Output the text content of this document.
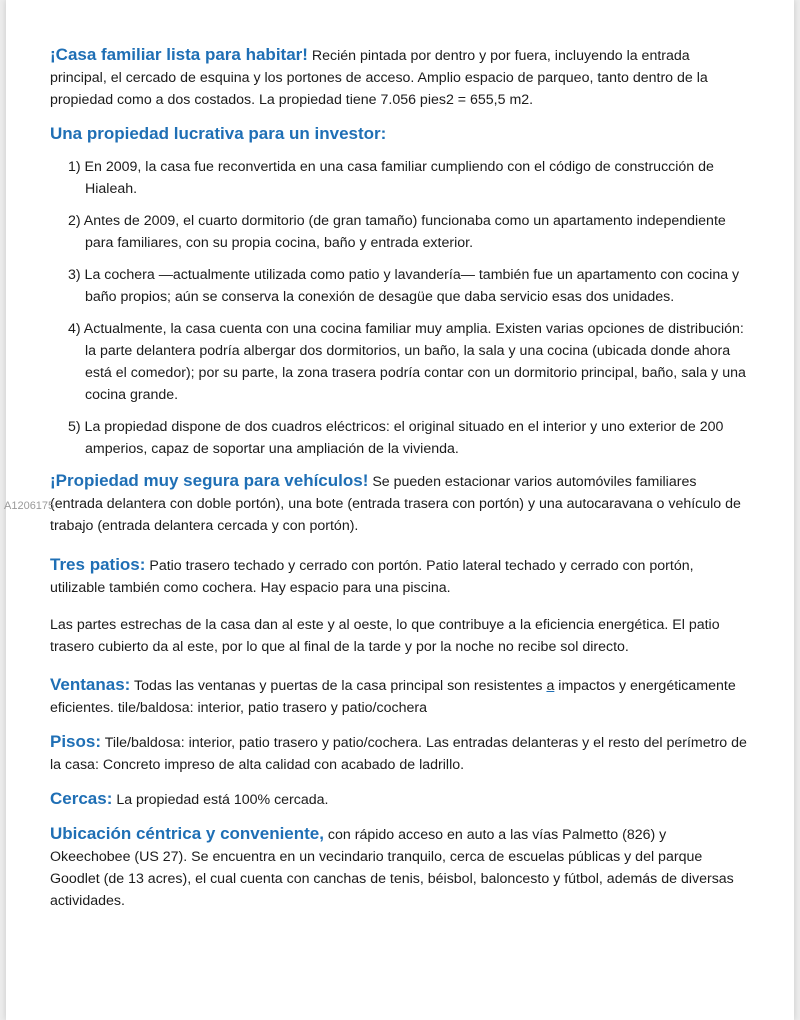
¡Casa familiar lista para habitar! Recién pintada por dentro y por fuera, incluyendo la entrada principal, el cercado de esquina y los portones de acceso. Amplio espacio de parqueo, tanto dentro de la propiedad como a dos costados. La propiedad tiene 7.056 pies2 = 655,5 m2.

Una propiedad lucrativa para un investor:

1) En 2009, la casa fue reconvertida en una casa familiar cumpliendo con el código de construcción de Hialeah.
2) Antes de 2009, el cuarto dormitorio (de gran tamaño) funcionaba como un apartamento independiente para familiares, con su propia cocina, baño y entrada exterior.
3) La cochera —actualmente utilizada como patio y lavandería— también fue un apartamento con cocina y baño propios; aún se conserva la conexión de desagüe que daba servicio esas dos unidades.
4) Actualmente, la casa cuenta con una cocina familiar muy amplia. Existen varias opciones de distribución: la parte delantera podría albergar dos dormitorios, un baño, la sala y una cocina (ubicada donde ahora está el comedor); por su parte, la zona trasera podría contar con un dormitorio principal, baño, sala y una cocina grande.
5) La propiedad dispone de dos cuadros eléctricos: el original situado en el interior y uno exterior de 200 amperios, capaz de soportar una ampliación de la vivienda.

¡Propiedad muy segura para vehículos! Se pueden estacionar varios automóviles familiares (entrada delantera con doble portón), una bote (entrada trasera con portón) y una autocaravana o vehículo de trabajo (entrada delantera cercada y con portón).

Tres patios: Patio trasero techado y cerrado con portón. Patio lateral techado y cerrado con portón, utilizable también como cochera. Hay espacio para una piscina.

Las partes estrechas de la casa dan al este y al oeste, lo que contribuye a la eficiencia energética. El patio trasero cubierto da al este, por lo que al final de la tarde y por la noche no recibe sol directo.

Ventanas: Todas las ventanas y puertas de la casa principal son resistentes a impactos y energéticamente eficientes. tile/baldosa: interior, patio trasero y patio/cochera

Pisos: Tile/baldosa: interior, patio trasero y patio/cochera. Las entradas delanteras y el resto del perímetro de la casa: Concreto impreso de alta calidad con acabado de ladrillo.

Cercas: La propiedad está 100% cercada.

Ubicación céntrica y conveniente, con rápido acceso en auto a las vías Palmetto (826) y Okeechobee (US 27). Se encuentra en un vecindario tranquilo, cerca de escuelas públicas y del parque Goodlet (de 13 acres), el cual cuenta con canchas de tenis, béisbol, baloncesto y fútbol, además de diversas actividades.

A1206175
